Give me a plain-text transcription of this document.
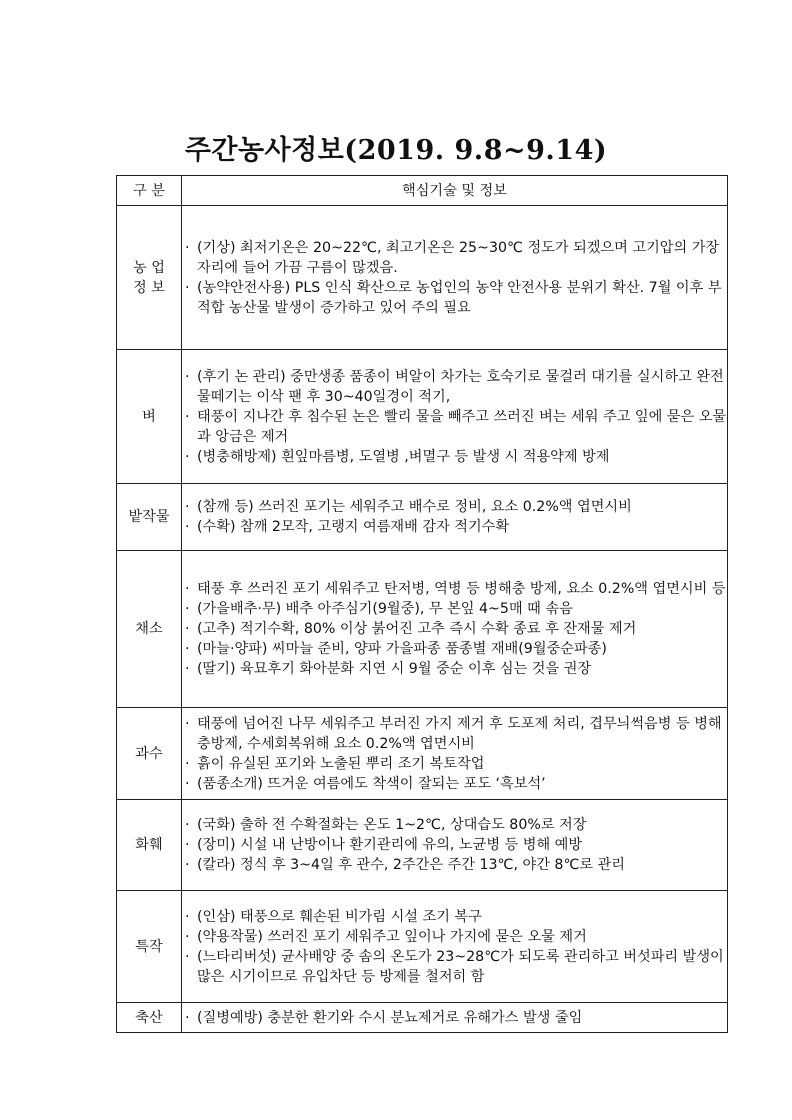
주간농사정보(2019. 9.8~9.14)
구 분	핵심기술 및 정보

농 업
정 보	· (기상) 최저기온은 20~22℃, 최고기온은 25~30℃ 정도가 되겠으며 고기압의 가장자리에 들어 가끔 구름이 많겠음.
· (농약안전사용) PLS 인식 확산으로 농업인의 농약 안전사용 분위기 확산. 7월 이후 부적합 농산물 발생이 증가하고 있어 주의 필요

벼	· (후기 논 관리) 중만생종 품종이 벼알이 차가는 호숙기로 물걸러 대기를 실시하고 완전 물떼기는 이삭 팬 후 30~40일경이 적기,
· 태풍이 지나간 후 침수된 논은 빨리 물을 빼주고 쓰러진 벼는 세워 주고 잎에 묻은 오물과 앙금은 제거
· (병충해방제) 흰잎마름병, 도열병 ,벼멸구 등 발생 시 적용약제 방제

밭작물	· (참깨 등) 쓰러진 포기는 세워주고 배수로 정비, 요소 0.2%액 엽면시비
· (수확) 참깨 2모작, 고랭지 여름재배 감자 적기수확

채소	· 태풍 후 쓰러진 포기 세워주고 탄저병, 역병 등 병해충 방제, 요소 0.2%액 엽면시비 등
· (가을배추·무) 배추 아주심기(9월중), 무 본잎 4~5매 때 솎음
· (고추) 적기수확, 80% 이상 붉어진 고추 즉시 수확 종료 후 잔재물 제거
· (마늘·양파) 씨마늘 준비, 양파 가을파종 품종별 재배(9월중순파종)
· (딸기) 육묘후기 화아분화 지연 시 9월 중순 이후 심는 것을 권장

과수	· 태풍에 넘어진 나무 세워주고 부러진 가지 제거 후 도포제 처리, 겹무늬썩음병 등 병해충방제, 수세회복위해 요소 0.2%액 엽면시비
· 흙이 유실된 포기와 노출된 뿌리 조기 복토작업
· (품종소개) 뜨거운 여름에도 착색이 잘되는 포도 ‘흑보석’

화훼	· (국화) 출하 전 수확절화는 온도 1~2℃, 상대습도 80%로 저장
· (장미) 시설 내 난방이나 환기관리에 유의, 노균병 등 병해 예방
· (칼라) 정식 후 3~4일 후 관수, 2주간은 주간 13℃, 야간 8℃로 관리

특작	· (인삼) 태풍으로 훼손된 비가림 시설 조기 복구
· (약용작물) 쓰러진 포기 세워주고 잎이나 가지에 묻은 오물 제거
· (느타리버섯) 균사배양 중 솜의 온도가 23~28℃가 되도록 관리하고 버섯파리 발생이 많은 시기이므로 유입차단 등 방제를 철저히 함

축산	· (질병예방) 충분한 환기와 수시 분뇨제거로 유해가스 발생 줄임
